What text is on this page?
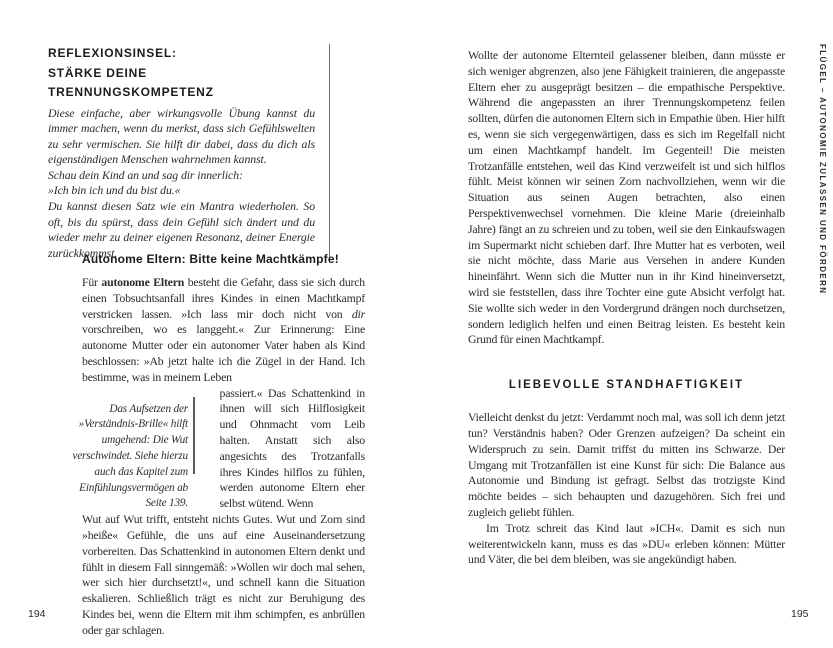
REFLEXIONSINSEL:
STÄRKE DEINE TRENNUNGSKOMPETENZ
Diese einfache, aber wirkungsvolle Übung kannst du immer machen, wenn du merkst, dass sich Gefühlswelten zu sehr vermischen. Sie hilft dir dabei, dass du dich als eigenständigen Menschen wahrnehmen kannst.
Schau dein Kind an und sag dir innerlich:
»Ich bin ich und du bist du.«
Du kannst diesen Satz wie ein Mantra wiederholen. So oft, bis du spürst, dass dein Gefühl sich ändert und du wieder mehr zu deiner eigenen Resonanz, deiner Energie zurückkommst.
Autonome Eltern: Bitte keine Machtkämpfe!

Für autonome Eltern besteht die Gefahr, dass sie sich durch einen Tobsuchtsanfall ihres Kindes in einen Machtkampf verstricken lassen. »Ich lass mir doch nicht von dir vorschreiben, wo es langgeht.« Zur Erinnerung: Eine autonome Mutter oder ein autonomer Vater haben als Kind beschlossen: »Ab jetzt halte ich die Zügel in der Hand. Ich bestimme, was in meinem Leben

Das Aufsetzen der »Verständnis-Brille« hilft umgehend: Die Wut verschwindet. Siehe hierzu auch das Kapitel zum Einfühlungsvermögen ab Seite 139.
passiert.« Das Schattenkind in ihnen will sich Hilflosigkeit und Ohnmacht vom Leib halten. Anstatt sich also angesichts des Trotzanfalls ihres Kindes hilflos zu fühlen, werden autonome Eltern eher selbst wütend. Wenn

Wut auf Wut trifft, entsteht nichts Gutes. Wut und Zorn sind »heiße« Gefühle, die uns auf eine Auseinandersetzung vorbereiten. Das Schattenkind in autonomen Eltern denkt und fühlt in diesem Fall sinngemäß: »Wollen wir doch mal sehen, wer sich hier durchsetzt!«, und schnell kann die Situation eskalieren. Schließlich trägt es nicht zur Beruhigung des Kindes bei, wenn die Eltern mit ihm schimpfen, es anbrüllen oder gar schlagen.

194

Wollte der autonome Elternteil gelassener bleiben, dann müsste er sich weniger abgrenzen, also jene Fähigkeit trainieren, die angepasste Eltern eher zu ausgeprägt besitzen – die empathische Perspektive. Während die angepassten an ihrer Trennungskompetenz feilen sollten, dürfen die autonomen Eltern sich in Empathie üben. Hier hilft es, wenn sie sich vergegenwärtigen, dass es sich im Regelfall nicht um einen Machtkampf handelt. Im Gegenteil! Die meisten Trotzanfälle entstehen, weil das Kind verzweifelt ist und sich hilflos fühlt. Meist können wir seinen Zorn nachvollziehen, wenn wir die Situation aus seinen Augen betrachten, also einen Perspektivenwechsel vornehmen. Die kleine Marie (dreieinhalb Jahre) fängt an zu schreien und zu toben, weil sie den Einkaufswagen im Supermarkt nicht schieben darf. Ihre Mutter hat es verboten, weil sie nicht möchte, dass Marie aus Versehen in andere Kunden hineinfährt. Wenn sich die Mutter nun in ihr Kind hineinversetzt, wird sie feststellen, dass ihre Tochter eine gute Absicht verfolgt hat. Sie wollte sich weder in den Vordergrund drängen noch durchsetzen, sondern lediglich helfen und einen Beitrag leisten. Es besteht kein Grund für einen Machtkampf.

LIEBEVOLLE STANDHAFTIGKEIT

Vielleicht denkst du jetzt: Verdammt noch mal, was soll ich denn jetzt tun? Verständnis haben? Oder Grenzen aufzeigen? Da scheint ein Widerspruch zu sein. Damit triffst du mitten ins Schwarze. Der Umgang mit Trotzanfällen ist eine Kunst für sich: Die Balance aus Autonomie und Bindung ist gefragt. Selbst das trotzigste Kind möchte beides – sich behaupten und dazugehören. Sich frei und zugleich geliebt fühlen.

Im Trotz schreit das Kind laut »ICH«. Damit es sich nun weiterentwickeln kann, muss es das »DU« erleben können: Mütter und Väter, die bei dem bleiben, was sie angekündigt haben.

195
FLÜGEL – AUTONOMIE ZULASSEN UND FÖRDERN
